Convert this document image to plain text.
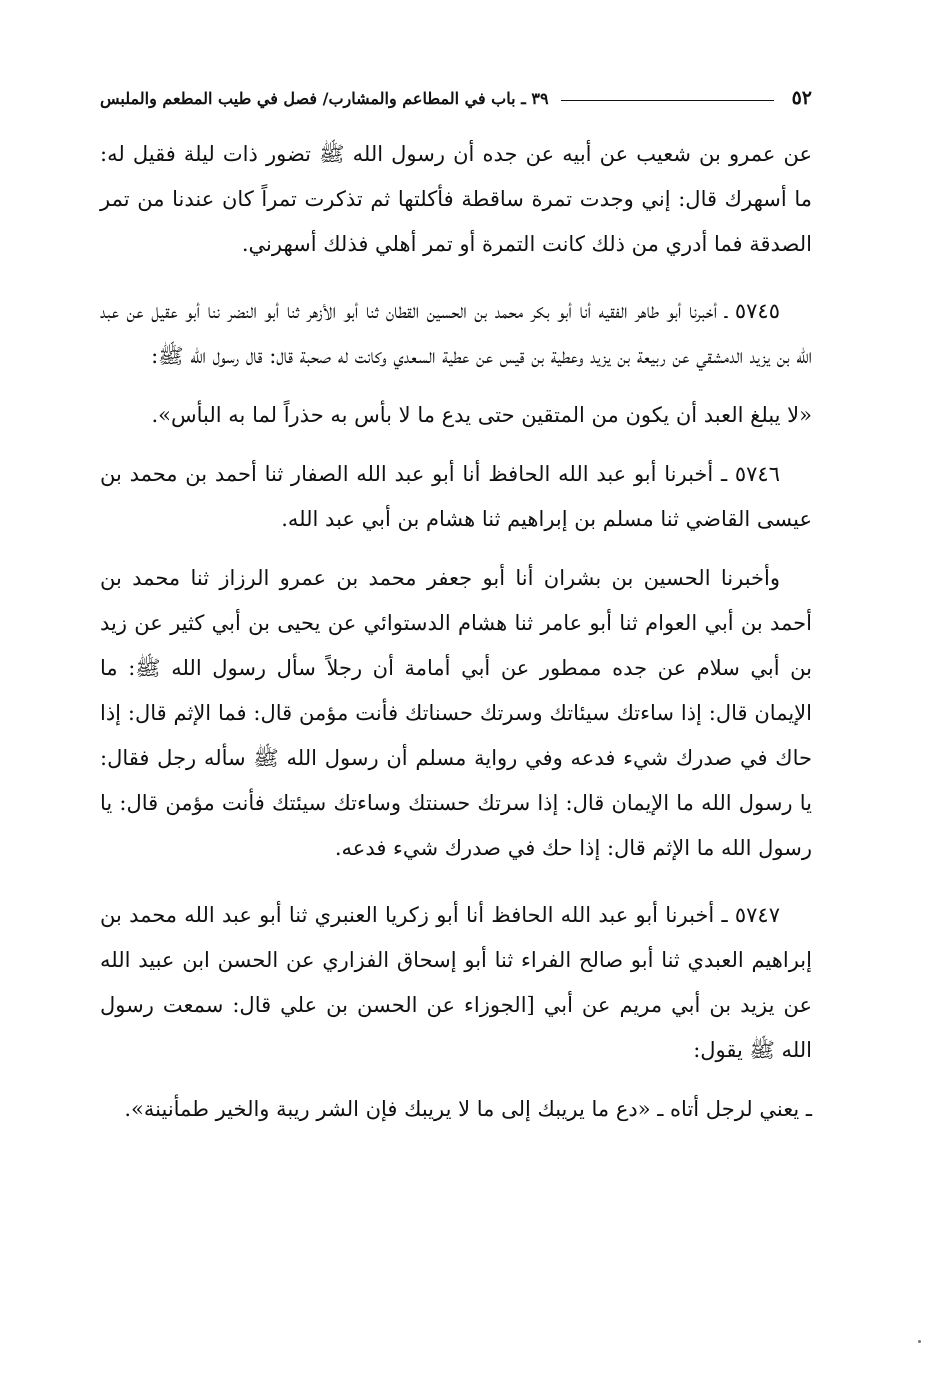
٥٢
٣٩ ـ باب في المطاعم والمشارب/ فصل في طيب المطعم والملبس

عن عمرو بن شعيب عن أبيه عن جده أن رسول الله ﷺ تضور ذات ليلة فقيل له: ما أسهرك قال: إني وجدت تمرة ساقطة فأكلتها ثم تذكرت تمراً كان عندنا من تمر الصدقة فما أدري من ذلك كانت التمرة أو تمر أهلي فذلك أسهرني.

٥٧٤٥ ـ أخبرنا أبو طاهر الفقيه أنا أبو بكر محمد بن الحسين القطان ثنا أبو الأزهر ثنا أبو النضر ننا أبو عقيل عن عبد الله بن يزيد الدمشقي عن ربيعة بن يزيد وعطية بن قيس عن عطية السعدي وكانت له صحبة قال: قال رسول الله ﷺ:

«لا يبلغ العبد أن يكون من المتقين حتى يدع ما لا بأس به حذراً لما به البأس».

٥٧٤٦ ـ أخبرنا أبو عبد الله الحافظ أنا أبو عبد الله الصفار ثنا أحمد بن محمد بن عيسى القاضي ثنا مسلم بن إبراهيم ثنا هشام بن أبي عبد الله.

وأخبرنا الحسين بن بشران أنا أبو جعفر محمد بن عمرو الرزاز ثنا محمد بن أحمد بن أبي العوام ثنا أبو عامر ثنا هشام الدستوائي عن يحيى بن أبي كثير عن زيد بن أبي سلام عن جده ممطور عن أبي أمامة أن رجلاً سأل رسول الله ﷺ: ما الإيمان قال: إذا ساءتك سيئاتك وسرتك حسناتك فأنت مؤمن قال: فما الإثم قال: إذا حاك في صدرك شيء فدعه وفي رواية مسلم أن رسول الله ﷺ سأله رجل فقال: يا رسول الله ما الإيمان قال: إذا سرتك حسنتك وساءتك سيئتك فأنت مؤمن قال: يا رسول الله ما الإثم قال: إذا حك في صدرك شيء فدعه.

٥٧٤٧ ـ أخبرنا أبو عبد الله الحافظ أنا أبو زكريا العنبري ثنا أبو عبد الله محمد بن إبراهيم العبدي ثنا أبو صالح الفراء ثنا أبو إسحاق الفزاري عن الحسن ابن عبيد الله عن يزيد بن أبي مريم عن أبي [الجوزاء عن الحسن بن علي قال: سمعت رسول الله ﷺ يقول:

ـ يعني لرجل أتاه ـ «دع ما يريبك إلى ما لا يريبك فإن الشر ريبة والخير طمأنينة».
